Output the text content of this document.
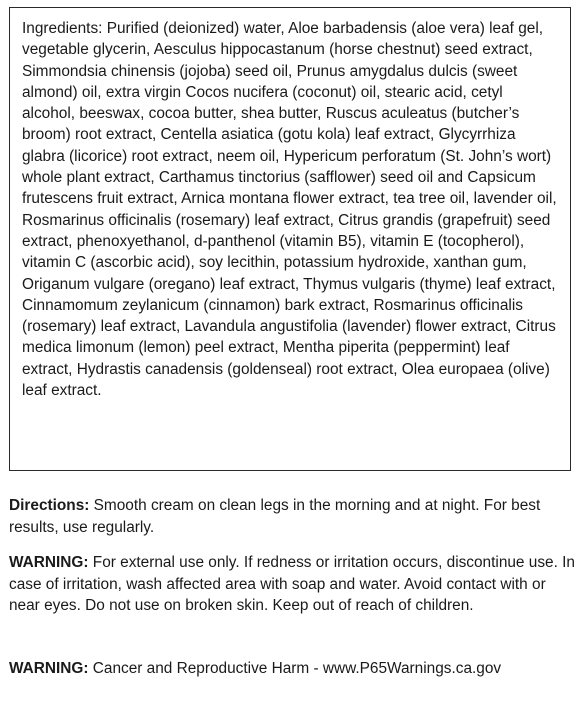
Ingredients: Purified (deionized) water, Aloe barbadensis (aloe vera) leaf gel, vegetable glycerin, Aesculus hippocastanum (horse chestnut) seed extract, Simmondsia chinensis (jojoba) seed oil, Prunus amygdalus dulcis (sweet almond) oil, extra virgin Cocos nucifera (coconut) oil, stearic acid, cetyl alcohol, beeswax, cocoa butter, shea butter, Ruscus aculeatus (butcher’s broom) root extract, Centella asiatica (gotu kola) leaf extract, Glycyrrhiza glabra (licorice) root extract, neem oil, Hypericum perforatum (St. John’s wort) whole plant extract, Carthamus tinctorius (safflower) seed oil and Capsicum frutescens fruit extract, Arnica montana flower extract, tea tree oil, lavender oil, Rosmarinus officinalis (rosemary) leaf extract, Citrus grandis (grapefruit) seed extract, phenoxyethanol, d-panthenol (vitamin B5), vitamin E (tocopherol), vitamin C (ascorbic acid), soy lecithin, potassium hydroxide, xanthan gum, Origanum vulgare (oregano) leaf extract, Thymus vulgaris (thyme) leaf extract, Cinnamomum zeylanicum (cinnamon) bark extract, Rosmarinus officinalis (rosemary) leaf extract, Lavandula angustifolia (lavender) flower extract, Citrus medica limonum (lemon) peel extract, Mentha piperita (peppermint) leaf extract, Hydrastis canadensis (goldenseal) root extract, Olea europaea (olive) leaf extract.

Directions: Smooth cream on clean legs in the morning and at night. For best results, use regularly.

WARNING: For external use only. If redness or irritation occurs, discontinue use. In case of irritation, wash affected area with soap and water. Avoid contact with or near eyes. Do not use on broken skin. Keep out of reach of children.

WARNING: Cancer and Reproductive Harm - www.P65Warnings.ca.gov
